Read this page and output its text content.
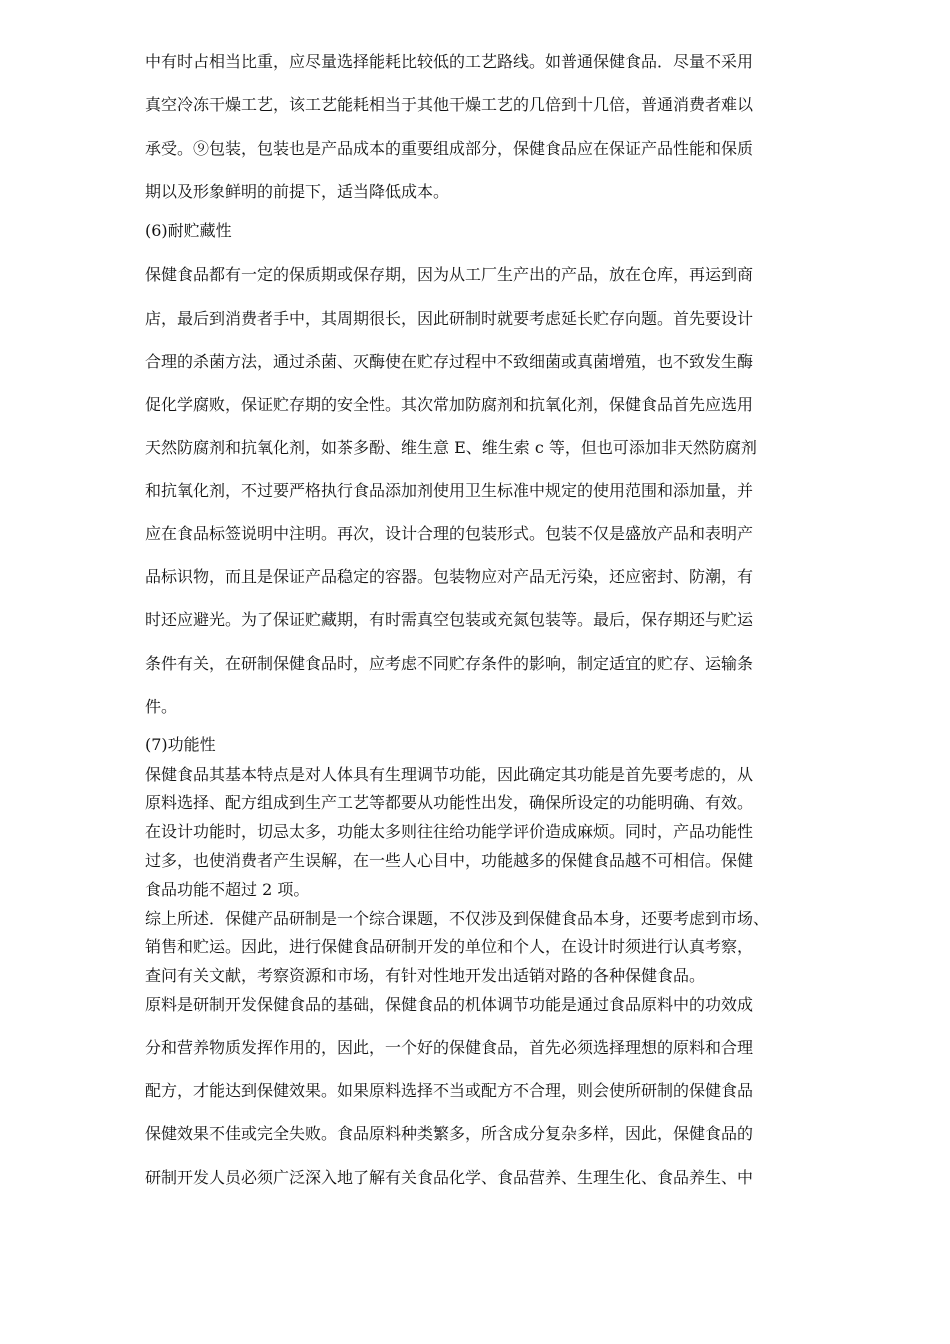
中有时占相当比重，应尽量选择能耗比较低的工艺路线。如普通保健食品．尽量不采用
真空冷冻干燥工艺，该工艺能耗相当于其他干燥工艺的几倍到十几倍，普通消费者难以
承受。⑨包装，包装也是产品成本的重要组成部分，保健食品应在保证产品性能和保质
期以及形象鲜明的前提下，适当降低成本。
(6)耐贮藏性
保健食品都有一定的保质期或保存期，因为从工厂生产出的产品，放在仓库，再运到商
店，最后到消费者手中，其周期很长，因此研制时就要考虑延长贮存向题。首先要设计
合理的杀菌方法，通过杀菌、灭酶使在贮存过程中不致细菌或真菌增殖，也不致发生酶
促化学腐败，保证贮存期的安全性。其次常加防腐剂和抗氧化剂，保健食品首先应选用
天然防腐剂和抗氧化剂，如茶多酚、维生意 E、维生索 c 等，但也可添加非天然防腐剂
和抗氧化剂，不过要严格执行食品添加剂使用卫生标准中规定的使用范围和添加量，并
应在食品标签说明中注明。再次，设计合理的包装形式。包装不仅是盛放产品和表明产
品标识物，而且是保证产品稳定的容器。包装物应对产品无污染，还应密封、防潮，有
时还应避光。为了保证贮藏期，有时需真空包装或充氮包装等。最后，保存期还与贮运
条件有关，在研制保健食品时，应考虑不同贮存条件的影响，制定适宜的贮存、运输条
件。
(7)功能性
保健食品其基本特点是对人体具有生理调节功能，因此确定其功能是首先要考虑的，从
原料选择、配方组成到生产工艺等都要从功能性出发，确保所设定的功能明确、有效。
在设计功能时，切忌太多，功能太多则往往给功能学评价造成麻烦。同时，产品功能性
过多，也使消费者产生误解，在一些人心目中，功能越多的保健食品越不可相信。保健
食品功能不超过 2 项。
综上所述．保健产品研制是一个综合课题，不仅涉及到保健食品本身，还要考虑到市场、
销售和贮运。因此，进行保健食品研制开发的单位和个人，在设计时须进行认真考察，
查问有关文献，考察资源和市场，有针对性地开发出适销对路的各种保健食品。
原料是研制开发保健食品的基础，保健食品的机体调节功能是通过食品原料中的功效成
分和营养物质发挥作用的，因此，一个好的保健食品，首先必须选择理想的原料和合理
配方，才能达到保健效果。如果原料选择不当或配方不合理，则会使所研制的保健食品
保健效果不佳或完全失败。食品原料种类繁多，所含成分复杂多样，因此，保健食品的
研制开发人员必须广泛深入地了解有关食品化学、食品营养、生理生化、食品养生、中
